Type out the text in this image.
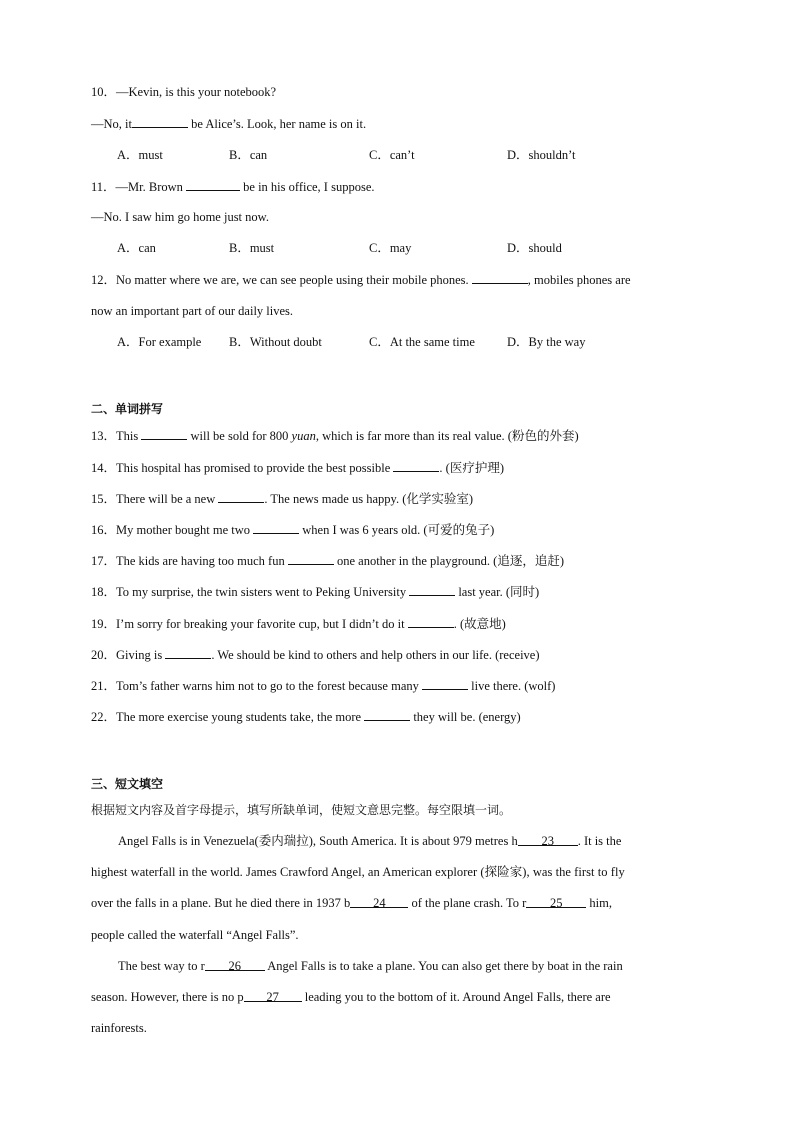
10．—Kevin, is this your notebook?
—No, it	be Alice’s. Look, her name is on it.
A．must	B．can	C．can’t	D．shouldn’t
11．—Mr. Brown	be in his office, I suppose.
—No. I saw him go home just now.
A．can	B．must	C．may	D．should
12．No matter where we are, we can see people using their mobile phones.	, mobiles phones are
now an important part of our daily lives.
A．For example B．Without doubt	C．At the same time	D．By the way
二、单词拼写
13．This	will be sold for 800 yuan, which is far more than its real value. (粉色的外套)
14．This hospital has promised to provide the best possible	. (医疗护理)
15．There will be a new	. The news made us happy. (化学实验室)
16．My mother bought me two	when I was 6 years old. (可爱的兔子)
17．The kids are having too much fun	one another in the playground. (追逐，追赶)
18．To my surprise, the twin sisters went to Peking University	last year. (同时)
19．I’m sorry for breaking your favorite cup, but I didn’t do it	. (故意地)
20．Giving is	. We should be kind to others and help others in our life. (receive)
21．Tom’s father warns him not to go to the forest because many	live there. (wolf)
22．The more exercise young students take, the more	they will be. (energy)
三、短文填空
根据短文内容及首字母提示，填写所缺单词，使短文意思完整。每空限填一词。
Angel Falls is in Venezuela(委内瑞拉), South America. It is about 979 metres h 23 . It is the
highest waterfall in the world. James Crawford Angel, an American explorer (探险家), was the first to fly
over the falls in a plane. But he died there in 1937 b 24 of the plane crash. To r 25 him,
people called the waterfall “Angel Falls”.
The best way to r 26 Angel Falls is to take a plane. You can also get there by boat in the rain
season. However, there is no p 27 leading you to the bottom of it. Around Angel Falls, there are
rainforests.
